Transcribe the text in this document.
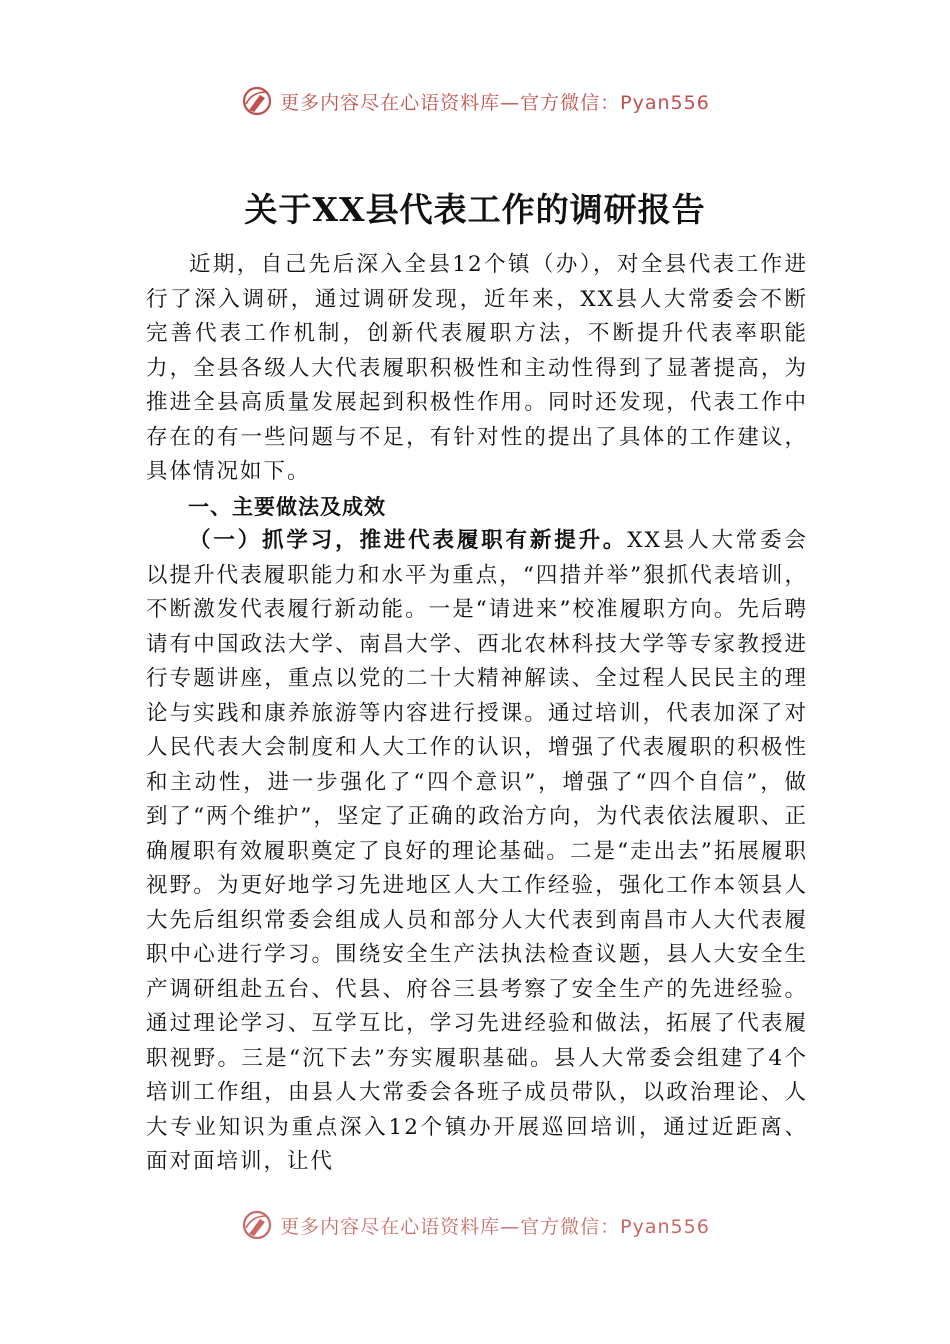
更多内容尽在心语资料库—官方微信：Pyan556
关于XX县代表工作的调研报告

近期，自己先后深入全县12个镇（办），对全县代表工作进行了深入调研，通过调研发现，近年来，XX县人大常委会不断完善代表工作机制，创新代表履职方法，不断提升代表率职能力，全县各级人大代表履职积极性和主动性得到了显著提高，为推进全县高质量发展起到积极性作用。同时还发现，代表工作中存在的有一些问题与不足，有针对性的提出了具体的工作建议，具体情况如下。

一、主要做法及成效

（一）抓学习，推进代表履职有新提升。XX县人大常委会以提升代表履职能力和水平为重点，“四措并举”狠抓代表培训，不断激发代表履行新动能。一是“请进来”校准履职方向。先后聘请有中国政法大学、南昌大学、西北农林科技大学等专家教授进行专题讲座，重点以党的二十大精神解读、全过程人民民主的理论与实践和康养旅游等内容进行授课。通过培训，代表加深了对人民代表大会制度和人大工作的认识，增强了代表履职的积极性和主动性，进一步强化了“四个意识”，增强了“四个自信”，做到了“两个维护”，坚定了正确的政治方向，为代表依法履职、正确履职有效履职奠定了良好的理论基础。二是“走出去”拓展履职视野。为更好地学习先进地区人大工作经验，强化工作本领县人大先后组织常委会组成人员和部分人大代表到南昌市人大代表履职中心进行学习。围绕安全生产法执法检查议题，县人大安全生产调研组赴五台、代县、府谷三县考察了安全生产的先进经验。通过理论学习、互学互比，学习先进经验和做法，拓展了代表履职视野。三是“沉下去”夯实履职基础。县人大常委会组建了4个培训工作组，由县人大常委会各班子成员带队，以政治理论、人大专业知识为重点深入12个镇办开展巡回培训，通过近距离、面对面培训，让代

更多内容尽在心语资料库—官方微信：Pyan556
